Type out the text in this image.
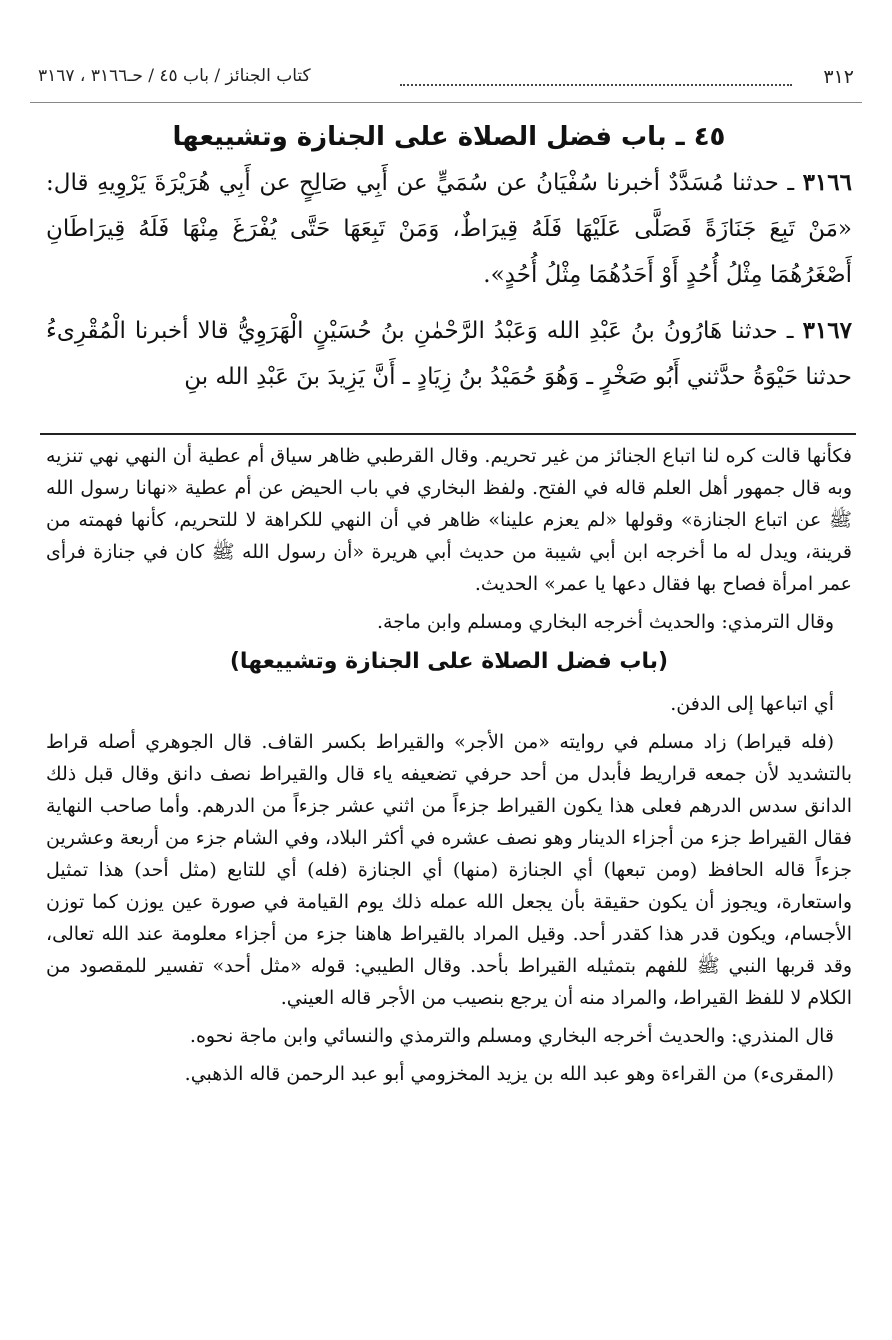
٣١٢
كتاب الجنائز / باب ٤٥ / حـ٣١٦٦ ، ٣١٦٧
٤٥ ـ باب فضل الصلاة على الجنازة وتشييعها

٣١٦٦ ـ حدثنا مُسَدَّدٌ أخبرنا سُفْيَانُ عن سُمَيٍّ عن أَبِي صَالِحٍ عن أَبِي هُرَيْرَةَ يَرْوِيهِ قال: «مَنْ تَبِعَ جَنَازَةً فَصَلَّى عَلَيْهَا فَلَهُ قِيرَاطٌ، وَمَنْ تَبِعَهَا حَتَّى يُفْرَغَ مِنْهَا فَلَهُ قِيرَاطَانِ أَصْغَرُهُمَا مِثْلُ أُحُدٍ أَوْ أَحَدُهُمَا مِثْلُ أُحُدٍ».

٣١٦٧ ـ حدثنا هَارُونُ بنُ عَبْدِ الله وَعَبْدُ الرَّحْمٰنِ بنُ حُسَيْنٍ الْهَرَوِيُّ قالا أخبرنا الْمُقْرِىءُ حدثنا حَيْوَةُ حدَّثني أَبُو صَخْرٍ ـ وَهُوَ حُمَيْدُ بنُ زِيَادٍ ـ أَنَّ يَزِيدَ بنَ عَبْدِ الله بنِ

فكأنها قالت كره لنا اتباع الجنائز من غير تحريم. وقال القرطبي ظاهر سياق أم عطية أن النهي نهي تنزيه وبه قال جمهور أهل العلم قاله في الفتح. ولفظ البخاري في باب الحيض عن أم عطية «نهانا رسول الله ﷺ عن اتباع الجنازة» وقولها «لم يعزم علينا» ظاهر في أن النهي للكراهة لا للتحريم، كأنها فهمته من قرينة، ويدل له ما أخرجه ابن أبي شيبة من حديث أبي هريرة «أن رسول الله ﷺ كان في جنازة فرأى عمر امرأة فصاح بها فقال دعها يا عمر» الحديث.

وقال الترمذي: والحديث أخرجه البخاري ومسلم وابن ماجة.

(باب فضل الصلاة على الجنازة وتشييعها)

أي اتباعها إلى الدفن.

(فله قيراط) زاد مسلم في روايته «من الأجر» والقيراط بكسر القاف. قال الجوهري أصله قراط بالتشديد لأن جمعه قراريط فأبدل من أحد حرفي تضعيفه ياء قال والقيراط نصف دانق وقال قبل ذلك الدانق سدس الدرهم فعلى هذا يكون القيراط جزءاً من اثني عشر جزءاً من الدرهم. وأما صاحب النهاية فقال القيراط جزء من أجزاء الدينار وهو نصف عشره في أكثر البلاد، وفي الشام جزء من أربعة وعشرين جزءاً قاله الحافظ (ومن تبعها) أي الجنازة (منها) أي الجنازة (فله) أي للتابع (مثل أحد) هذا تمثيل واستعارة، ويجوز أن يكون حقيقة بأن يجعل الله عمله ذلك يوم القيامة في صورة عين يوزن كما توزن الأجسام، ويكون قدر هذا كقدر أحد. وقيل المراد بالقيراط هاهنا جزء من أجزاء معلومة عند الله تعالى، وقد قربها النبي ﷺ للفهم بتمثيله القيراط بأحد. وقال الطيبي: قوله «مثل أحد» تفسير للمقصود من الكلام لا للفظ القيراط، والمراد منه أن يرجع بنصيب من الأجر قاله العيني.

قال المنذري: والحديث أخرجه البخاري ومسلم والترمذي والنسائي وابن ماجة نحوه.

(المقرىء) من القراءة وهو عبد الله بن يزيد المخزومي أبو عبد الرحمن قاله الذهبي.
